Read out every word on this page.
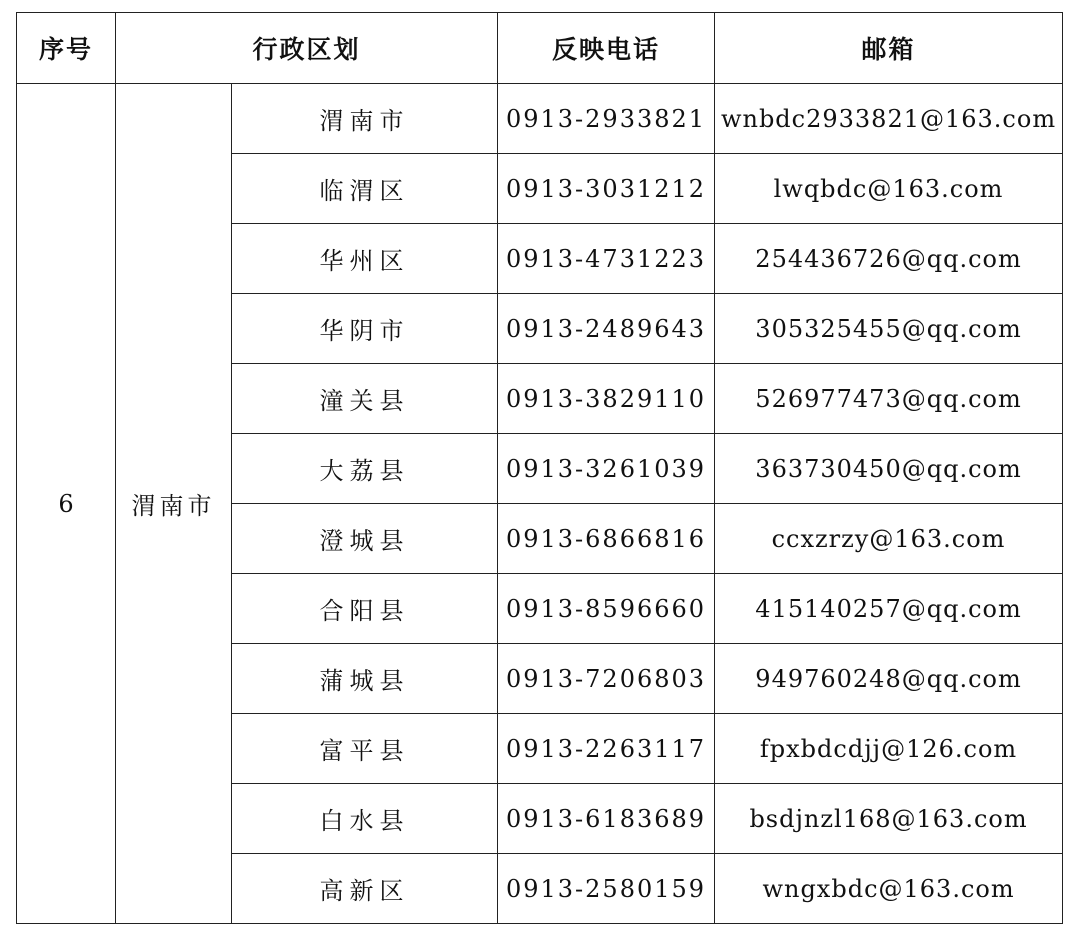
序号	行政区划		反映电话	邮箱
6	渭南市	渭南市	0913-2933821	wnbdc2933821@163.com
		临渭区	0913-3031212	lwqbdc@163.com
		华州区	0913-4731223	254436726@qq.com
		华阴市	0913-2489643	305325455@qq.com
		潼关县	0913-3829110	526977473@qq.com
		大荔县	0913-3261039	363730450@qq.com
		澄城县	0913-6866816	ccxzrzy@163.com
		合阳县	0913-8596660	415140257@qq.com
		蒲城县	0913-7206803	949760248@qq.com
		富平县	0913-2263117	fpxbdcdjj@126.com
		白水县	0913-6183689	bsdjnzl168@163.com
		高新区	0913-2580159	wngxbdc@163.com
